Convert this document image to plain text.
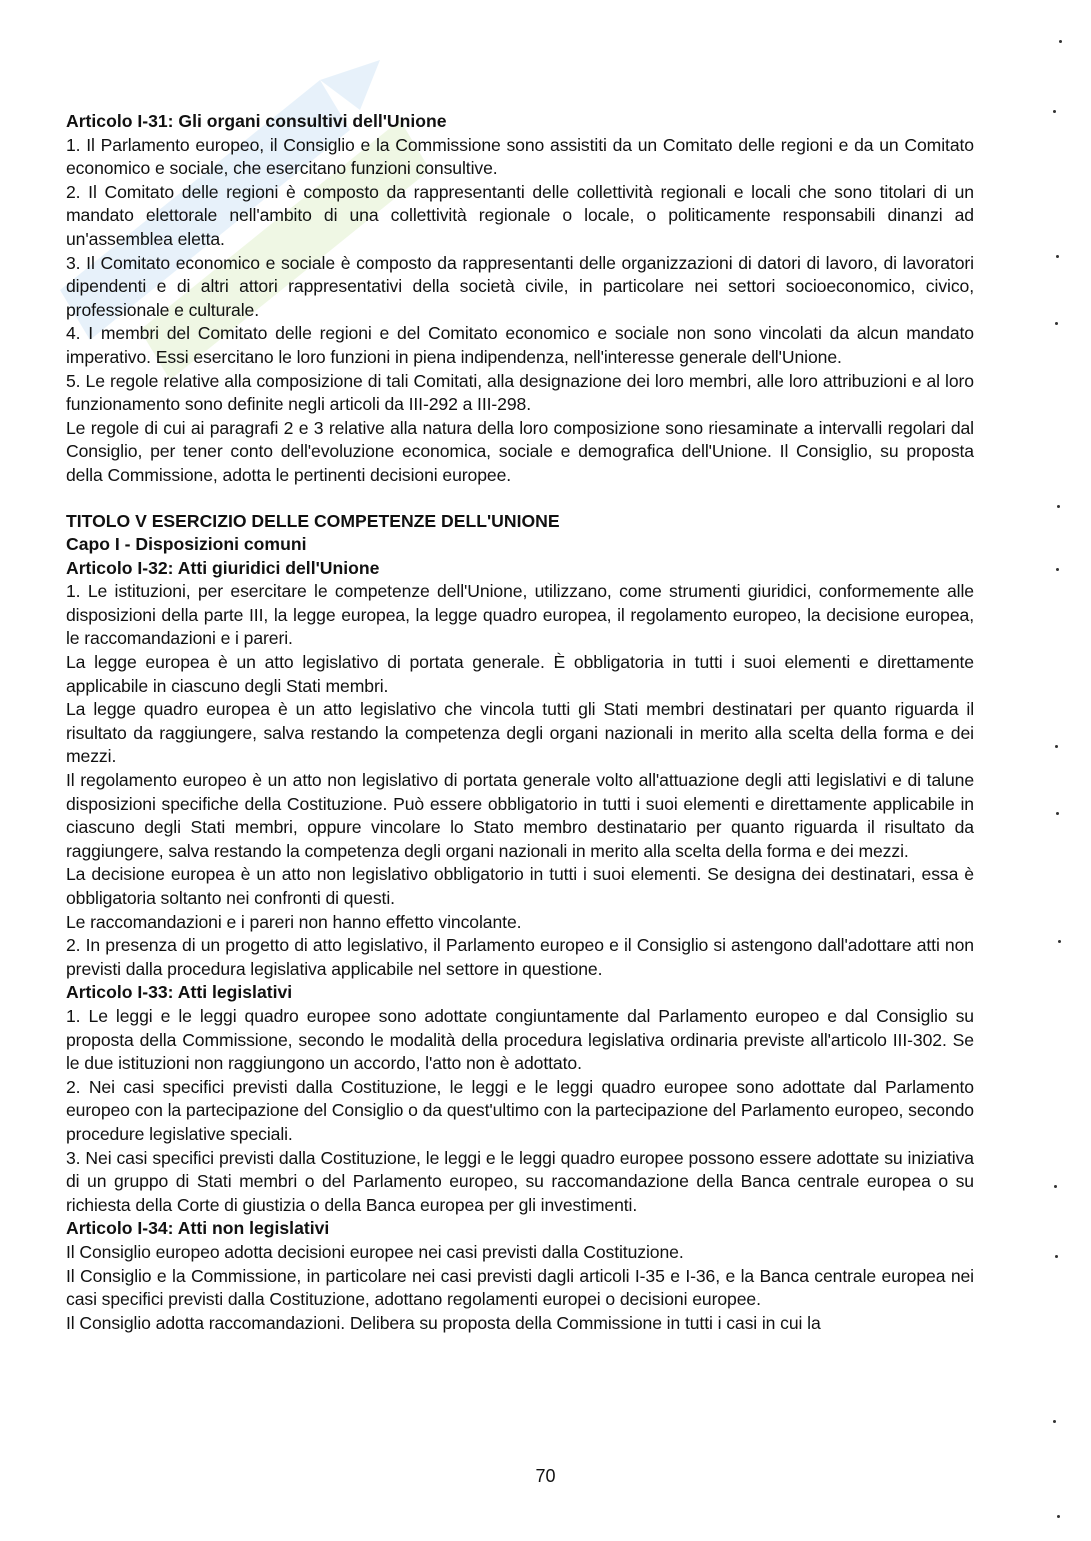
Articolo I-31: Gli organi consultivi dell'Unione

1. Il Parlamento europeo, il Consiglio e la Commissione sono assistiti da un Comitato delle regioni e da un Comitato economico e sociale, che esercitano funzioni consultive.

2. Il Comitato delle regioni è composto da rappresentanti delle collettività regionali e locali che sono titolari di un mandato elettorale nell'ambito di una collettività regionale o locale, o politicamente responsabili dinanzi ad un'assemblea eletta.

3. Il Comitato economico e sociale è composto da rappresentanti delle organizzazioni di datori di lavoro, di lavoratori dipendenti e di altri attori rappresentativi della società civile, in particolare nei settori socioeconomico, civico, professionale e culturale.

4. I membri del Comitato delle regioni e del Comitato economico e sociale non sono vincolati da alcun mandato imperativo. Essi esercitano le loro funzioni in piena indipendenza, nell'interesse generale dell'Unione.

5. Le regole relative alla composizione di tali Comitati, alla designazione dei loro membri, alle loro attribuzioni e al loro funzionamento sono definite negli articoli da III-292 a III-298.

Le regole di cui ai paragrafi 2 e 3 relative alla natura della loro composizione sono riesaminate a intervalli regolari dal Consiglio, per tener conto dell'evoluzione economica, sociale e demografica dell'Unione. Il Consiglio, su proposta della Commissione, adotta le pertinenti decisioni europee.

TITOLO V ESERCIZIO DELLE COMPETENZE DELL'UNIONE

Capo I - Disposizioni comuni

Articolo I-32: Atti giuridici dell'Unione

1. Le istituzioni, per esercitare le competenze dell'Unione, utilizzano, come strumenti giuridici, conformemente alle disposizioni della parte III, la legge europea, la legge quadro europea, il regolamento europeo, la decisione europea, le raccomandazioni e i pareri.

La legge europea è un atto legislativo di portata generale. È obbligatoria in tutti i suoi elementi e direttamente applicabile in ciascuno degli Stati membri.

La legge quadro europea è un atto legislativo che vincola tutti gli Stati membri destinatari per quanto riguarda il risultato da raggiungere, salva restando la competenza degli organi nazionali in merito alla scelta della forma e dei mezzi.

Il regolamento europeo è un atto non legislativo di portata generale volto all'attuazione degli atti legislativi e di talune disposizioni specifiche della Costituzione. Può essere obbligatorio in tutti i suoi elementi e direttamente applicabile in ciascuno degli Stati membri, oppure vincolare lo Stato membro destinatario per quanto riguarda il risultato da raggiungere, salva restando la competenza degli organi nazionali in merito alla scelta della forma e dei mezzi.

La decisione europea è un atto non legislativo obbligatorio in tutti i suoi elementi. Se designa dei destinatari, essa è obbligatoria soltanto nei confronti di questi.

Le raccomandazioni e i pareri non hanno effetto vincolante.

2. In presenza di un progetto di atto legislativo, il Parlamento europeo e il Consiglio si astengono dall'adottare atti non previsti dalla procedura legislativa applicabile nel settore in questione.

Articolo I-33: Atti legislativi

1. Le leggi e le leggi quadro europee sono adottate congiuntamente dal Parlamento europeo e dal Consiglio su proposta della Commissione, secondo le modalità della procedura legislativa ordinaria previste all'articolo III-302. Se le due istituzioni non raggiungono un accordo, l'atto non è adottato.

2. Nei casi specifici previsti dalla Costituzione, le leggi e le leggi quadro europee sono adottate dal Parlamento europeo con la partecipazione del Consiglio o da quest'ultimo con la partecipazione del Parlamento europeo, secondo procedure legislative speciali.

3. Nei casi specifici previsti dalla Costituzione, le leggi e le leggi quadro europee possono essere adottate su iniziativa di un gruppo di Stati membri o del Parlamento europeo, su raccomandazione della Banca centrale europea o su richiesta della Corte di giustizia o della Banca europea per gli investimenti.

Articolo I-34: Atti non legislativi

Il Consiglio europeo adotta decisioni europee nei casi previsti dalla Costituzione.

Il Consiglio e la Commissione, in particolare nei casi previsti dagli articoli I-35 e I-36, e la Banca centrale europea nei casi specifici previsti dalla Costituzione, adottano regolamenti europei o decisioni europee.

Il Consiglio adotta raccomandazioni. Delibera su proposta della Commissione in tutti i casi in cui la

70
